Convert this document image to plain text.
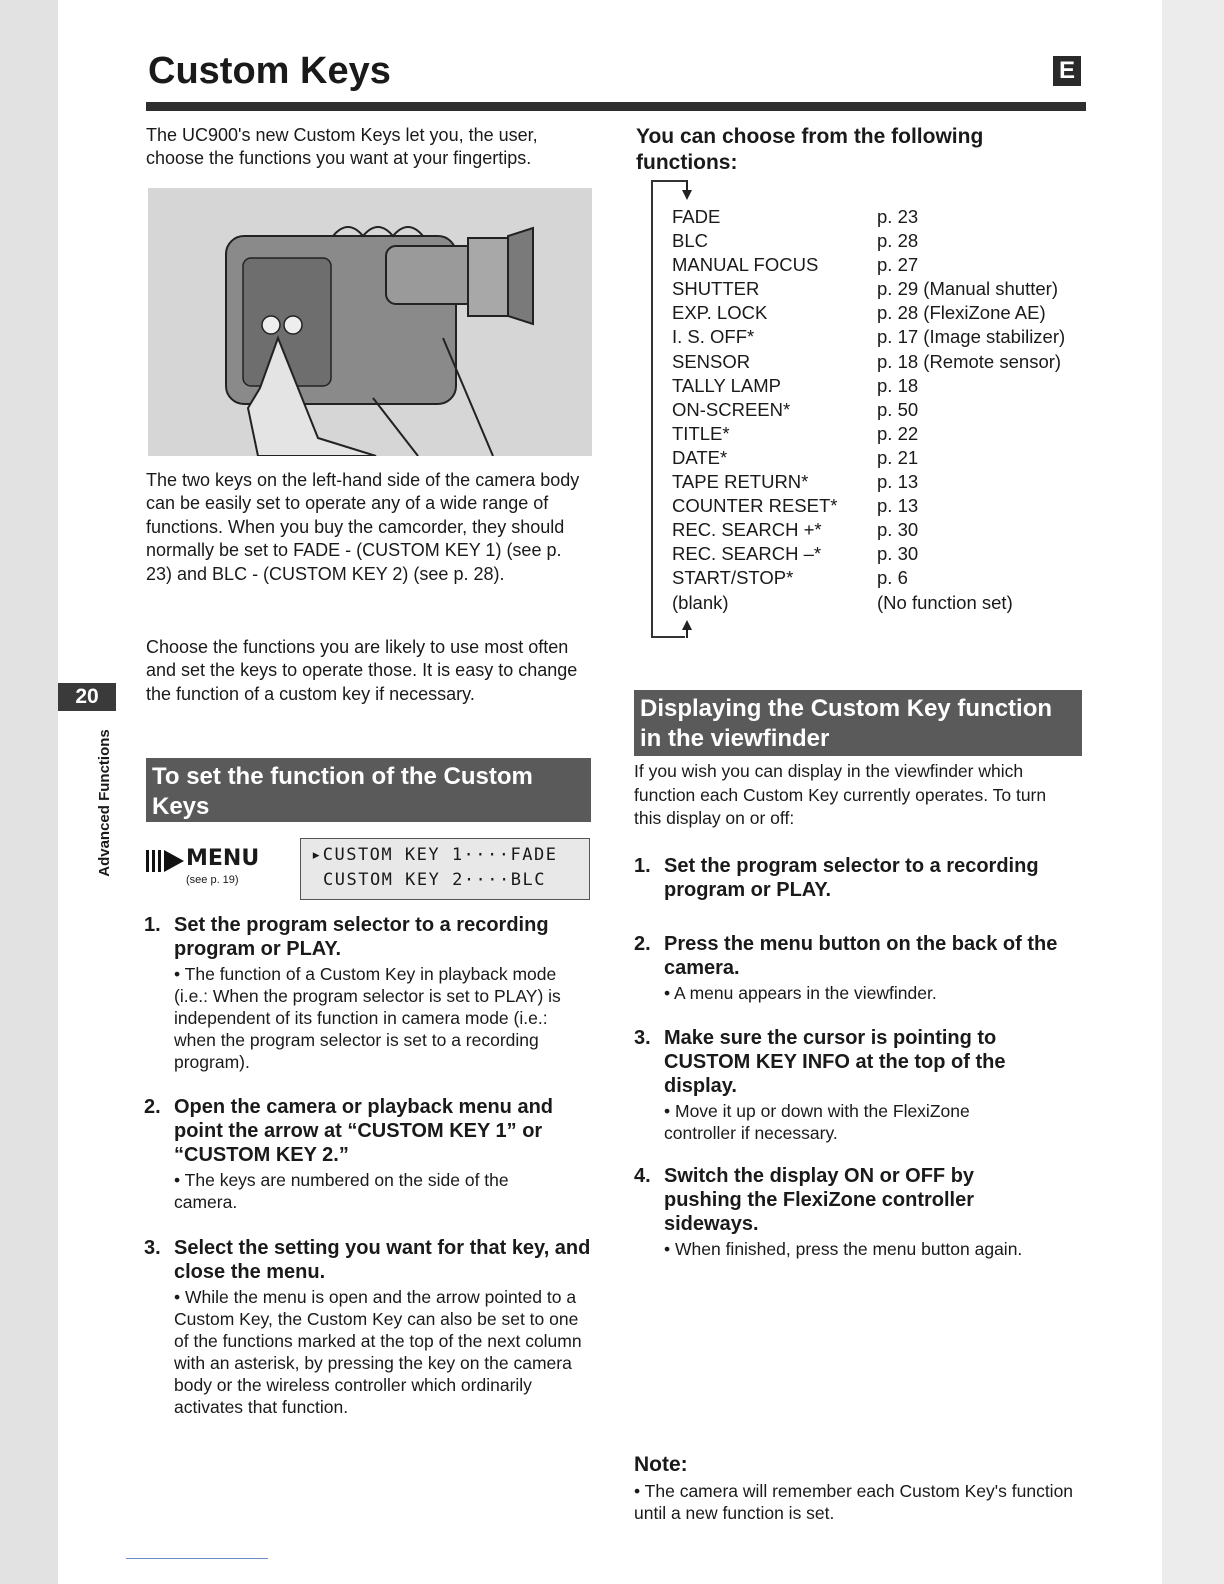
Custom Keys	E

The UC900's new Custom Keys let you, the user, choose the functions you want at your fingertips.

The two keys on the left-hand side of the camera body can be easily set to operate any of a wide range of functions. When you buy the camcorder, they should normally be set to FADE - (CUSTOM KEY 1) (see p. 23) and BLC - (CUSTOM KEY 2) (see p. 28).

Choose the functions you are likely to use most often and set the keys to operate those. It is easy to change the function of a custom key if necessary.

20
Advanced Functions To set the function of the Custom Keys
MENU
(see p. 19)
▸CUSTOM KEY 1····FADE
CUSTOM KEY 2····BLC
1. Set the program selector to a recording program or PLAY.
• The function of a Custom Key in playback mode (i.e.: When the program selector is set to PLAY) is independent of its function in camera mode (i.e.: when the program selector is set to a recording program).
2. Open the camera or playback menu and point the arrow at “CUSTOM KEY 1” or “CUSTOM KEY 2.”
• The keys are numbered on the side of the camera.
3. Select the setting you want for that key, and close the menu.
• While the menu is open and the arrow pointed to a Custom Key, the Custom Key can also be set to one of the functions marked at the top of the next column with an asterisk, by pressing the key on the camera body or the wireless controller which ordinarily activates that function.
You can choose from the following functions:
FADE	p. 23
BLC	p. 28
MANUAL FOCUS	p. 27
SHUTTER	p. 29 (Manual shutter)
EXP. LOCK	p. 28 (FlexiZone AE)
I. S. OFF*	p. 17 (Image stabilizer)
SENSOR	p. 18 (Remote sensor)
TALLY LAMP	p. 18
ON-SCREEN*	p. 50
TITLE*	p. 22
DATE*	p. 21
TAPE RETURN*	p. 13
COUNTER RESET* p. 13
REC. SEARCH +*	p. 30
REC. SEARCH –*	p. 30
START/STOP*	p. 6
(blank)	(No function set)
Displaying the Custom Key function in the viewfinder

If you wish you can display in the viewfinder which function each Custom Key currently operates. To turn this display on or off:

1. Set the program selector to a recording program or PLAY.
2. Press the menu button on the back of the camera.
• A menu appears in the viewfinder.
3. Make sure the cursor is pointing to CUSTOM KEY INFO at the top of the display.
• Move it up or down with the FlexiZone controller if necessary.
4. Switch the display ON or OFF by pushing the FlexiZone controller sideways.
• When finished, press the menu button again.
Note:

• The camera will remember each Custom Key's function until a new function is set.
